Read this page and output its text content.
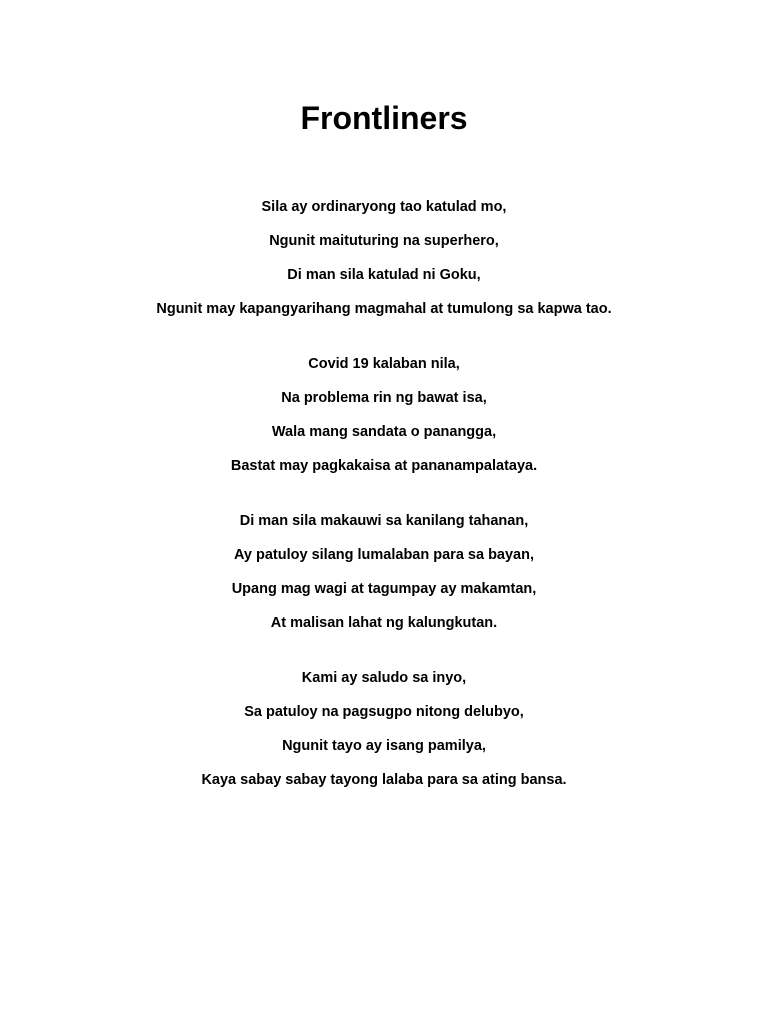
Frontliners
Sila ay ordinaryong tao katulad mo,
Ngunit maituturing na superhero,
Di man sila katulad ni Goku,
Ngunit may kapangyarihang magmahal at tumulong sa kapwa tao.
Covid 19 kalaban nila,
Na problema rin ng bawat isa,
Wala mang sandata o panangga,
Bastat may pagkakaisa at pananampalataya.
Di man sila makauwi sa kanilang tahanan,
Ay patuloy silang lumalaban para sa bayan,
Upang mag wagi at tagumpay ay makamtan,
At malisan lahat ng kalungkutan.
Kami ay saludo sa inyo,
Sa patuloy na pagsugpo nitong delubyo,
Ngunit tayo ay isang pamilya,
Kaya sabay sabay tayong lalaba para sa ating bansa.
